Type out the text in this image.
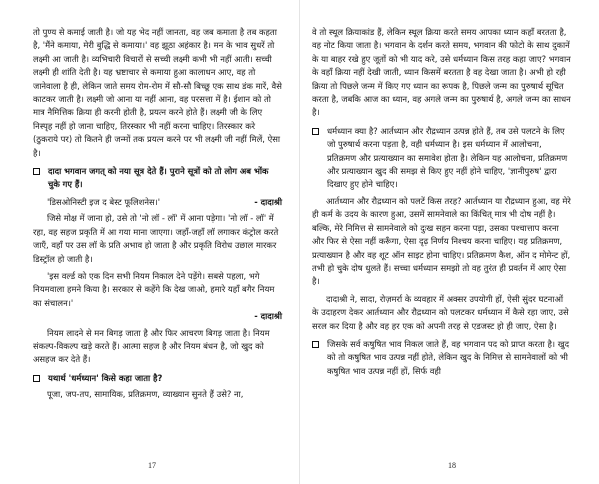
तो पुण्य से कमाई जाती है। जो यह भेद नहीं जानता, वह जब कमाता है तब कहता है, 'मैंने कमाया, मेरी बुद्धि से कमाया।' वह झूठा अहंकार है। मन के भाव सुधरें तो लक्ष्मी आ जाती है। व्यभिचारी विचारों से सच्ची लक्ष्मी कभी भी नहीं आती। सच्ची लक्ष्मी ही शांति देती है। यह भ्रष्टाचार से कमाया हुआ कालाधन आए, वह तो जानेवाला है ही, लेकिन जाते समय रोम-रोम में सौ-सौ बिच्छू एक साथ डंक मारें, वैसे काटकर जाती है। लक्ष्मी जो आना या नहीं आना, वह परसत्ता में है। ईशान को तो मात्र नैमित्तिक क्रिया ही करनी होती है, प्रयत्न करने होते हैं। लक्ष्मी जी के लिए निस्पृह नहीं हो जाना चाहिए, तिरस्कार भी नहीं करना चाहिए। तिरस्कार करे (ठुकराये पर) तो कितने ही जन्मों तक प्रयत्न करने पर भी लक्ष्मी जी नहीं मिलें, ऐसा है।

दादा भगवान जगत् को नया सूत्र देते हैं। पुराने सूत्रों को तो लोग अब भोंक चुके गए हैं।
'डिसओनिस्टी इज द बेस्ट फूलिशनेस।'	- दादाश्री

जिसे मोक्ष में जाना हो, उसे तो 'नो लॉ - लॉ' में आना पड़ेगा। 'नो लॉ - लॉ' में रहा, वह सहज प्रकृति में आ गया माना जाएगा। जहाँ-जहाँ लॉ लगाकर कंट्रोल करते जाएँ, वहाँ पर उस लॉ के प्रति अभाव हो जाता है और प्रकृति विरोध उछाल मारकर डिस्ट्रॉल हो जाती है।

'इस वर्ल्ड को एक दिन सभी नियम निकाल देने पड़ेंगे। सबसे पहला, भगे नियमवाला हमने किया है। सरकार से कहेंगे कि देख जाओ, हमारे यहाँ बगैर नियम का संचालन।'

- दादाश्री

नियम लादने से मन बिगड़ जाता है और फिर आचरण बिगड़ जाता है। नियम संकल्प-विकल्प खड़े करते हैं। आत्मा सहज है और नियम बंधन है, जो खुद को असहज कर देते हैं।

यथार्थ 'धर्मध्यान' किसे कहा जाता है?

पूजा, जप-तप, सामायिक, प्रतिक्रमण, व्याख्यान सुनते हैं उसे? ना,

17

वे तो स्थूल क्रियाकांड हैं, लेकिन स्थूल क्रिया करते समय आपका ध्यान कहाँ बरतता है, वह नोट किया जाता है। भगवान के दर्शन करते समय, भगवान की फोटो के साथ दुकानें के या बाहर रखे हुए जूतों को भी याद करे, उसे धर्मध्यान किस तरह कहा जाए? भगवान के वहाँ क्रिया नहीं देखी जाती, ध्यान किसमें बरतता है वह देखा जाता है। अभी हो रही क्रिया तो पिछले जन्म में किए गए ध्यान का रूपक है, पिछले जन्म का पुरुषार्थ सूचित करता है, जबकि आज का ध्यान, वह अगले जन्म का पुरुषार्थ है, अगले जन्म का साधन है।

धर्मध्यान क्या है? आर्तध्यान और रौद्रध्यान उत्पन्न होते हैं, तब उसे पलटने के लिए जो पुरुषार्थ करना पड़ता है, वही धर्मध्यान है। इस धर्मध्यान में आलोचना, प्रतिक्रमण और प्रत्याख्यान का समावेश होता है। लेकिन यह आलोचना, प्रतिक्रमण और प्रत्याख्यान खुद की समझ से किए हुए नहीं होने चाहिए, 'ज्ञानीपुरुष' द्वारा दिखाए हुए होने चाहिए।

आर्तध्यान और रौद्रध्यान को पलटें किस तरह? आर्तध्यान या रौद्रध्यान हुआ, वह मेरे ही कर्म के उदय के कारण हुआ, उसमें सामनेवाले का किंचित् मात्र भी दोष नहीं है। बल्कि, मेरे निमित्त से सामनेवाले को दुःख सहन करना पड़ा, उसका पश्चात्ताप करना और फिर से ऐसा नहीं करूँगा, ऐसा दृढ़ निर्णय निश्चय करना चाहिए। यह प्रतिक्रमण, प्रत्याख्यान है और वह शूट ऑन साइट होना चाहिए। प्रतिक्रमण कैश, ऑन द मोमेन्ट हों, तभी हो चुके दोष धुलते हैं। सच्चा धर्मध्यान समझो तो वह तुरंत ही प्रवर्तन में आए ऐसा है।

दादाश्री ने, सादा, रोज़मर्रा के व्यवहार में अक्सर उपयोगी हों, ऐसी सुंदर घटनाओं के उदाहरण देकर आर्तध्यान और रौद्रध्यान को पलटकर धर्मध्यान में कैसे रहा जाए, उसे सरल कर दिया है और वह हर एक को अपनी तरह से एडजस्ट हो ही जाए, ऐसा है।

जिसके सर्व कषुषित भाव निकल जाते हैं, वह भगवान पद को प्राप्त करता है। खुद को तो कषुषित भाव उत्पन्न नहीं होते, लेकिन खुद के निमित्त से सामनेवालों को भी कषुषित भाव उत्पन्न नहीं हों, सिर्फ वही
18
